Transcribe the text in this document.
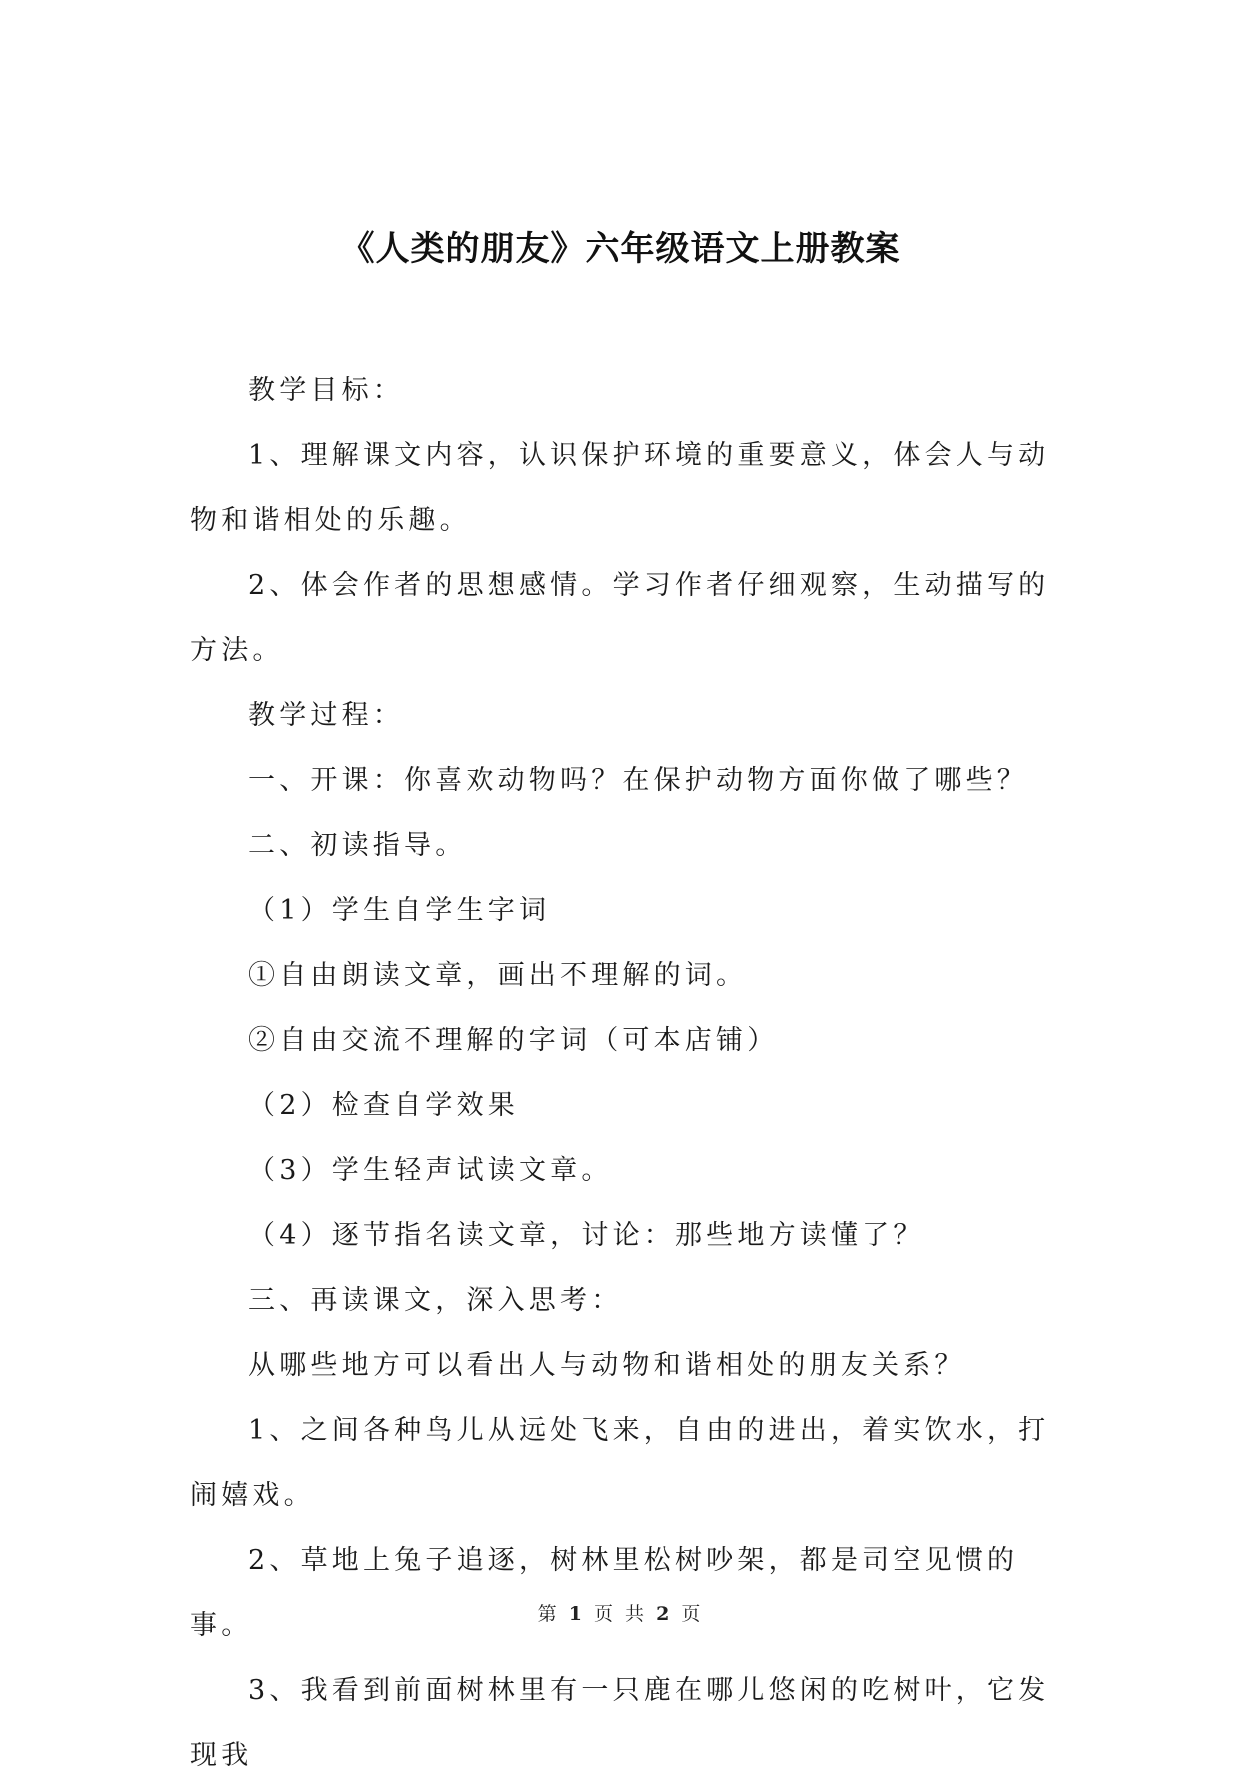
《人类的朋友》六年级语文上册教案

教学目标：

1、理解课文内容，认识保护环境的重要意义，体会人与动物和谐相处的乐趣。

2、体会作者的思想感情。学习作者仔细观察，生动描写的方法。

教学过程：

一、开课：你喜欢动物吗？在保护动物方面你做了哪些？

二、初读指导。

（1）学生自学生字词

①自由朗读文章，画出不理解的词。

②自由交流不理解的字词（可本店铺）

（2）检查自学效果

（3）学生轻声试读文章。

（4）逐节指名读文章，讨论：那些地方读懂了？

三、再读课文，深入思考：

从哪些地方可以看出人与动物和谐相处的朋友关系？

1、之间各种鸟儿从远处飞来，自由的进出，着实饮水，打闹嬉戏。

2、草地上兔子追逐，树林里松树吵架，都是司空见惯的事。

3、我看到前面树林里有一只鹿在哪儿悠闲的吃树叶，它发现我

第 1 页 共 2 页
